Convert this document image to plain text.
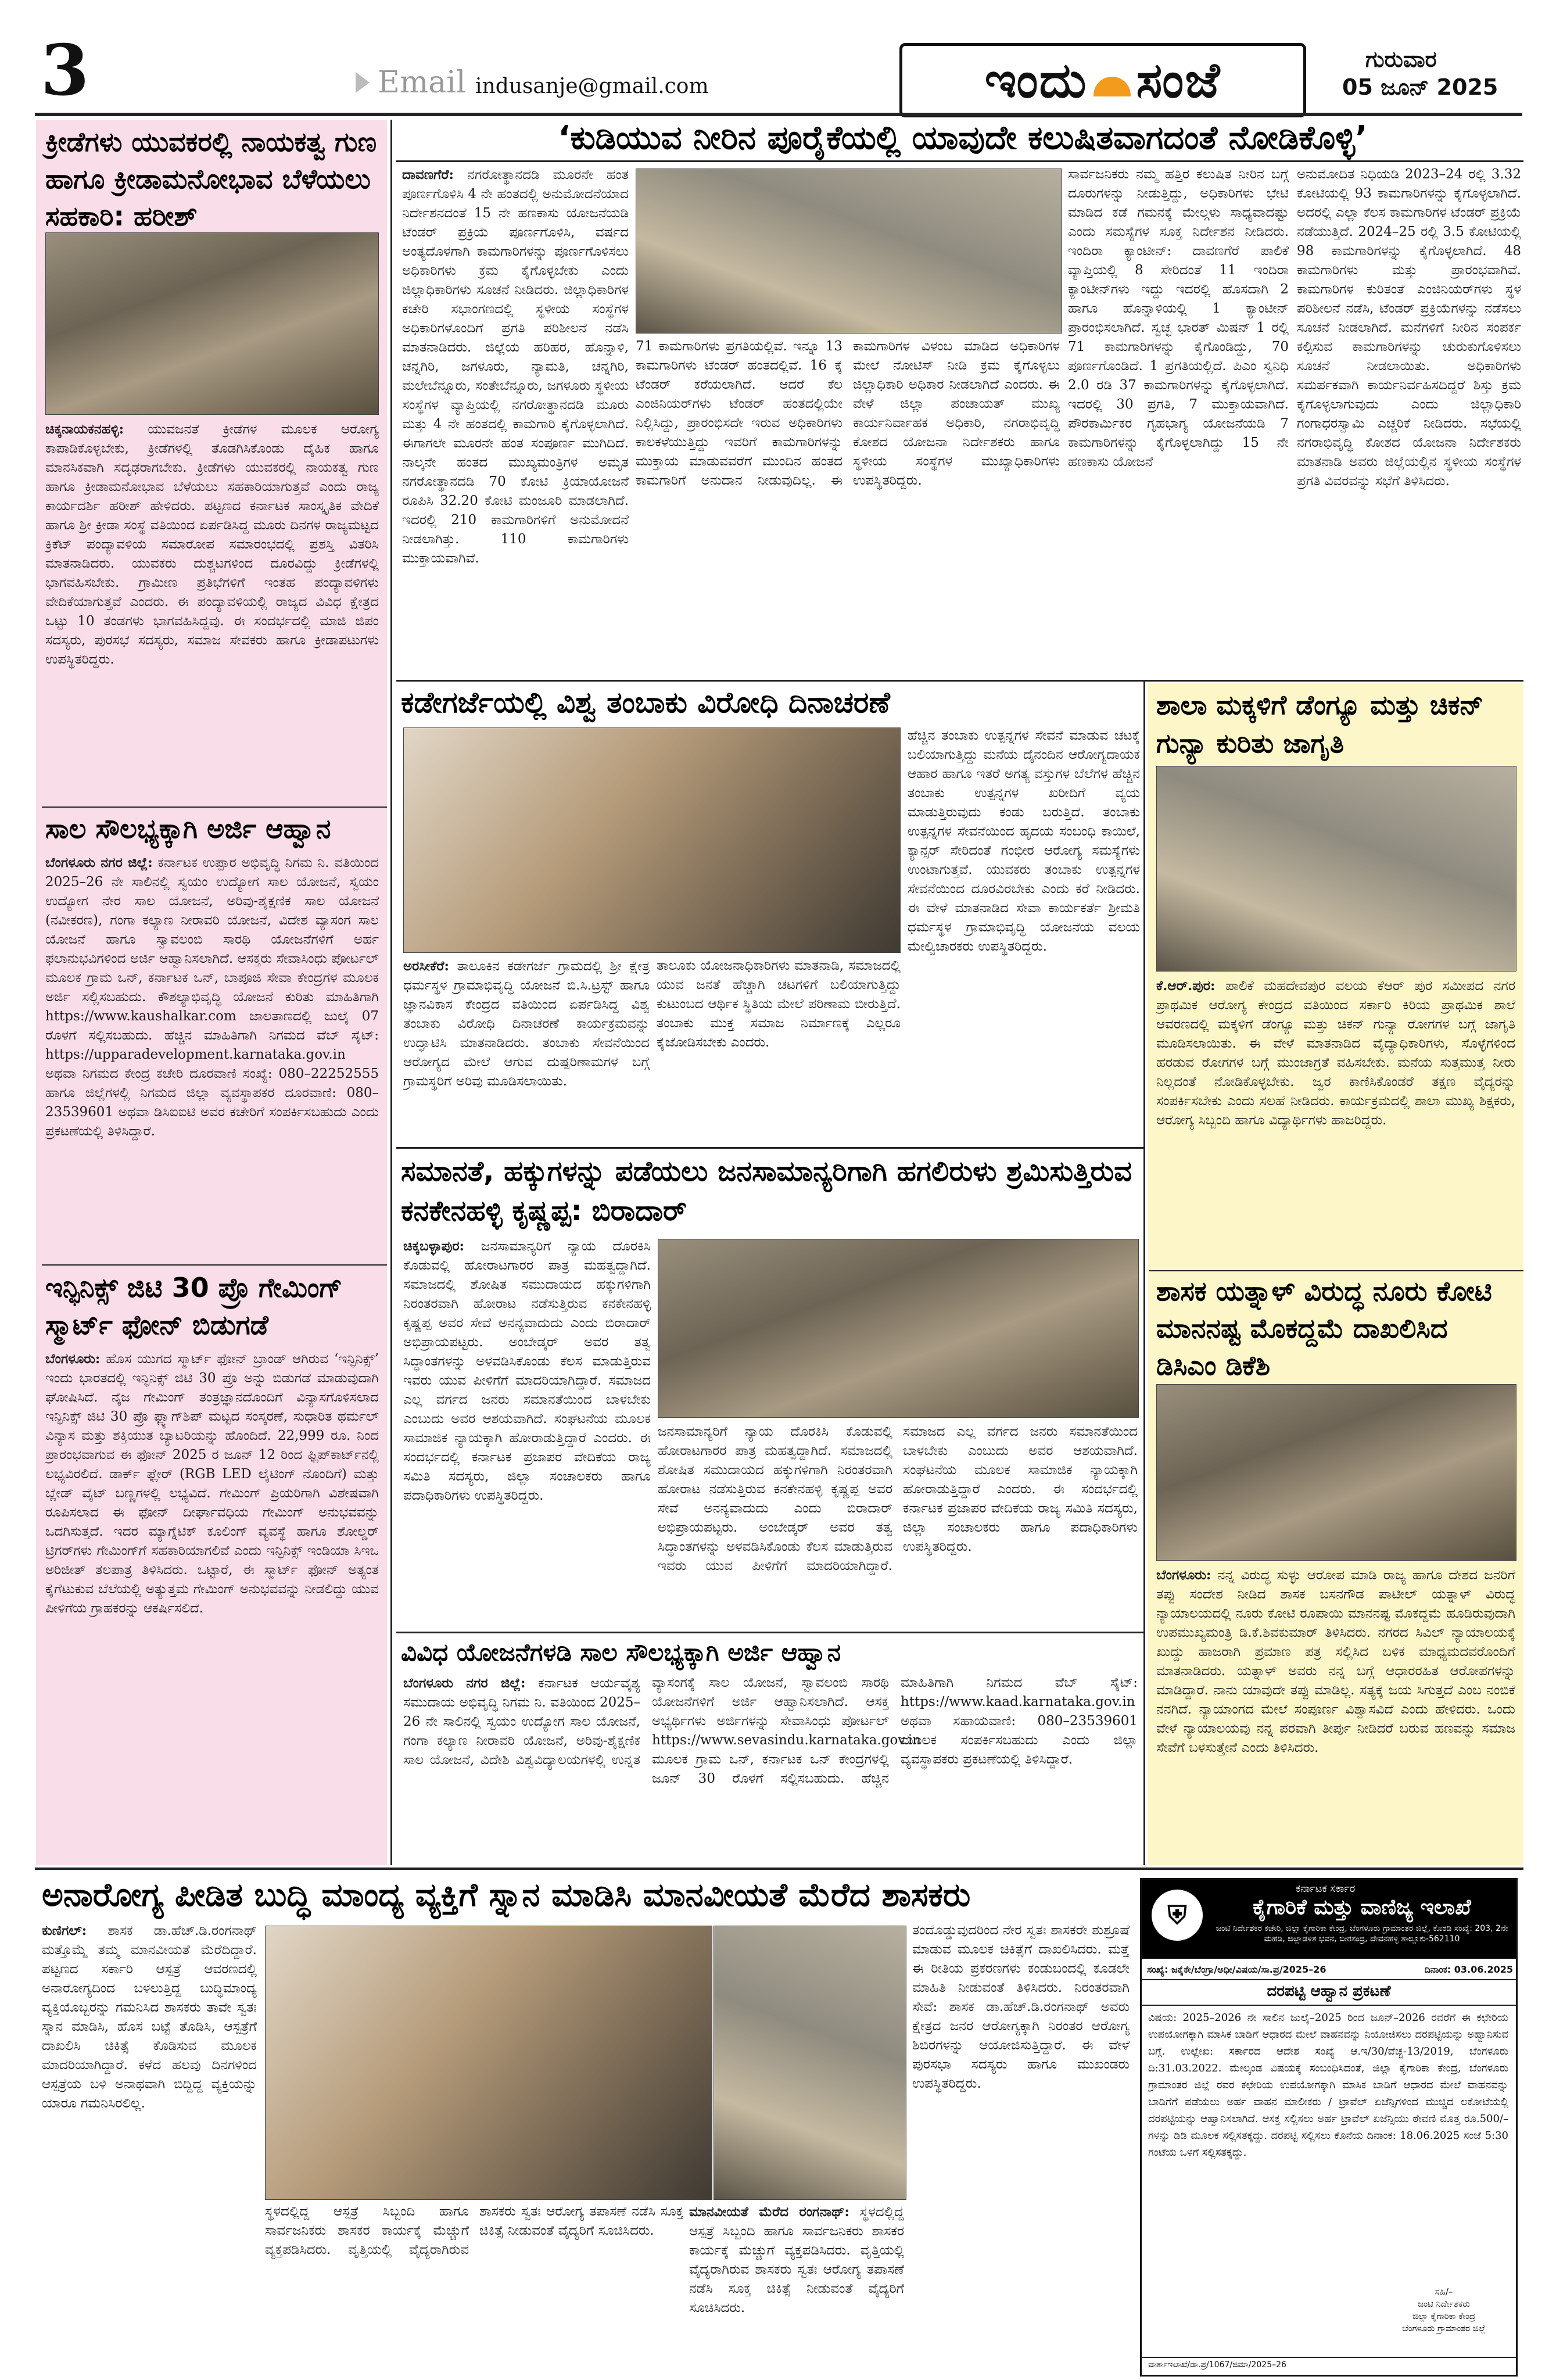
3	Email indusanje@gmail.com	ಇಂದು ಸಂಜೆ	ಗುರುವಾರ
05 ಜೂನ್ 2025
ಕ್ರೀಡೆಗಳು ಯುವಕರಲ್ಲಿ ನಾಯಕತ್ವ ಗುಣ ಹಾಗೂ ಕ್ರೀಡಾಮನೋಭಾವ ಬೆಳೆಯಲು ಸಹಕಾರಿ: ಹರೀಶ್
ಚಿಕ್ಕನಾಯಕನಹಳ್ಳಿ: ಯುವಜನತೆ ಕ್ರೀಡೆಗಳ ಮೂಲಕ ಆರೋಗ್ಯ ಕಾಪಾಡಿಕೊಳ್ಳಬೇಕು, ಕ್ರೀಡೆಗಳಲ್ಲಿ ತೊಡಗಿಸಿಕೊಂಡು ದೈಹಿಕ ಹಾಗೂ ಮಾನಸಿಕವಾಗಿ ಸದೃಢರಾಗಬೇಕು. ಕ್ರೀಡೆಗಳು ಯುವಕರಲ್ಲಿ ನಾಯಕತ್ವ ಗುಣ ಹಾಗೂ ಕ್ರೀಡಾಮನೋಭಾವ ಬೆಳೆಯಲು ಸಹಕಾರಿಯಾಗುತ್ತವೆ ಎಂದು ರಾಜ್ಯ ಕಾರ್ಯದರ್ಶಿ ಹರೀಶ್ ಹೇಳಿದರು. ಪಟ್ಟಣದ ಕರ್ನಾಟಕ ಸಾಂಸ್ಕೃತಿಕ ವೇದಿಕೆ ಹಾಗೂ ಶ್ರೀ ಕ್ರೀಡಾ ಸಂಸ್ಥೆ ವತಿಯಿಂದ ಏರ್ಪಡಿಸಿದ್ದ ಮೂರು ದಿನಗಳ ರಾಜ್ಯಮಟ್ಟದ ಕ್ರಿಕೆಟ್ ಪಂದ್ಯಾವಳಿಯ ಸಮಾರೋಪ ಸಮಾರಂಭದಲ್ಲಿ ಪ್ರಶಸ್ತಿ ವಿತರಿಸಿ ಮಾತನಾಡಿದರು. ಯುವಕರು ದುಶ್ಚಟಗಳಿಂದ ದೂರವಿದ್ದು ಕ್ರೀಡೆಗಳಲ್ಲಿ ಭಾಗವಹಿಸಬೇಕು. ಗ್ರಾಮೀಣ ಪ್ರತಿಭೆಗಳಿಗೆ ಇಂತಹ ಪಂದ್ಯಾವಳಿಗಳು ವೇದಿಕೆಯಾಗುತ್ತವೆ ಎಂದರು. ಈ ಪಂದ್ಯಾವಳಿಯಲ್ಲಿ ರಾಜ್ಯದ ವಿವಿಧ ಕ್ಷೇತ್ರದ ಒಟ್ಟು 10 ತಂಡಗಳು ಭಾಗವಹಿಸಿದ್ದವು. ಈ ಸಂದರ್ಭದಲ್ಲಿ ಮಾಜಿ ಜಿಪಂ ಸದಸ್ಯರು, ಪುರಸಭೆ ಸದಸ್ಯರು, ಸಮಾಜ ಸೇವಕರು ಹಾಗೂ ಕ್ರೀಡಾಪಟುಗಳು ಉಪಸ್ಥಿತರಿದ್ದರು.
ಸಾಲ ಸೌಲಭ್ಯಕ್ಕಾಗಿ ಅರ್ಜಿ ಆಹ್ವಾನ
ಬೆಂಗಳೂರು ನಗರ ಜಿಲ್ಲೆ: ಕರ್ನಾಟಕ ಉಪ್ಪಾರ ಅಭಿವೃದ್ಧಿ ನಿಗಮ ನಿ. ವತಿಯಿಂದ 2025–26 ನೇ ಸಾಲಿನಲ್ಲಿ ಸ್ವಯಂ ಉದ್ಯೋಗ ಸಾಲ ಯೋಜನೆ, ಸ್ವಯಂ ಉದ್ಯೋಗ ನೇರ ಸಾಲ ಯೋಜನೆ, ಅರಿವು-ಶೈಕ್ಷಣಿಕ ಸಾಲ ಯೋಜನೆ (ನವೀಕರಣ), ಗಂಗಾ ಕಲ್ಯಾಣ ನೀರಾವರಿ ಯೋಜನೆ, ವಿದೇಶ ವ್ಯಾಸಂಗ ಸಾಲ ಯೋಜನೆ ಹಾಗೂ ಸ್ವಾವಲಂಬಿ ಸಾರಥಿ ಯೋಜನೆಗಳಿಗೆ ಅರ್ಹ ಫಲಾನುಭವಿಗಳಿಂದ ಅರ್ಜಿ ಆಹ್ವಾನಿಸಲಾಗಿದೆ. ಆಸಕ್ತರು ಸೇವಾಸಿಂಧು ಪೋರ್ಟಲ್ ಮೂಲಕ ಗ್ರಾಮ ಒನ್, ಕರ್ನಾಟಕ ಒನ್, ಬಾಪೂಜಿ ಸೇವಾ ಕೇಂದ್ರಗಳ ಮೂಲಕ ಅರ್ಜಿ ಸಲ್ಲಿಸಬಹುದು. ಕೌಶಲ್ಯಾಭಿವೃದ್ಧಿ ಯೋಜನೆ ಕುರಿತು ಮಾಹಿತಿಗಾಗಿ https://www.kaushalkar.com ಜಾಲತಾಣದಲ್ಲಿ ಜುಲೈ 07 ರೊಳಗೆ ಸಲ್ಲಿಸಬಹುದು. ಹೆಚ್ಚಿನ ಮಾಹಿತಿಗಾಗಿ ನಿಗಮದ ವೆಬ್ ಸೈಟ್: https://upparadevelopment.karnataka.gov.in ಅಥವಾ ನಿಗಮದ ಕೇಂದ್ರ ಕಚೇರಿ ದೂರವಾಣಿ ಸಂಖ್ಯೆ: 080–22252555 ಹಾಗೂ ಜಿಲ್ಲೆಗಳಲ್ಲಿ ನಿಗಮದ ಜಿಲ್ಲಾ ವ್ಯವಸ್ಥಾಪಕರ ದೂರವಾಣಿ: 080–23539601 ಅಥವಾ ಡಿಸಿಐಐಟಿ ಅವರ ಕಚೇರಿಗೆ ಸಂಪರ್ಕಿಸಬಹುದು ಎಂದು ಪ್ರಕಟಣೆಯಲ್ಲಿ ತಿಳಿಸಿದ್ದಾರೆ.
ಇನ್ಫಿನಿಕ್ಸ್ ಜಿಟಿ 30 ಪ್ರೊ ಗೇಮಿಂಗ್ ಸ್ಮಾರ್ಟ್ ಫೋನ್ ಬಿಡುಗಡೆ
ಬೆಂಗಳೂರು: ಹೊಸ ಯುಗದ ಸ್ಮಾರ್ಟ್ ಫೋನ್ ಬ್ರಾಂಡ್ ಆಗಿರುವ ‘ಇನ್ಫಿನಿಕ್ಸ್’ ಇಂದು ಭಾರತದಲ್ಲಿ ಇನ್ಫಿನಿಕ್ಸ್ ಜಿಟಿ 30 ಪ್ರೊ ಅನ್ನು ಬಿಡುಗಡೆ ಮಾಡುವುದಾಗಿ ಘೋಷಿಸಿದೆ. ನೈಜ ಗೇಮಿಂಗ್ ತಂತ್ರಜ್ಞಾನದೊಂದಿಗೆ ವಿನ್ಯಾಸಗೊಳಿಸಲಾದ ಇನ್ಫಿನಿಕ್ಸ್ ಜಿಟಿ 30 ಪ್ರೊ ಫ್ಲ್ಯಾಗ್‌ಶಿಪ್ ಮಟ್ಟದ ಸಂಸ್ಕರಣೆ, ಸುಧಾರಿತ ಥರ್ಮಲ್ ವಿನ್ಯಾಸ ಮತ್ತು ಶಕ್ತಿಯುತ ಬ್ಯಾಟರಿಯನ್ನು ಹೊಂದಿದೆ. 22,999 ರೂ. ನಿಂದ ಪ್ರಾರಂಭವಾಗುವ ಈ ಫೋನ್ 2025 ರ ಜೂನ್ 12 ರಿಂದ ಫ್ಲಿಪ್‌ಕಾರ್ಟ್‌ನಲ್ಲಿ ಲಭ್ಯವಿರಲಿದೆ. ಡಾರ್ಕ್ ಫ್ಲೇರ್ (RGB LED ಲೈಟಿಂಗ್ ನೊಂದಿಗೆ) ಮತ್ತು ಬ್ಲೇಡ್ ವೈಟ್ ಬಣ್ಣಗಳಲ್ಲಿ ಲಭ್ಯವಿದೆ. ಗೇಮಿಂಗ್ ಪ್ರಿಯರಿಗಾಗಿ ವಿಶೇಷವಾಗಿ ರೂಪಿಸಲಾದ ಈ ಫೋನ್ ದೀರ್ಘಾವಧಿಯ ಗೇಮಿಂಗ್ ಅನುಭವವನ್ನು ಒದಗಿಸುತ್ತದೆ. ಇದರ ಮ್ಯಾಗ್ನೆಟಿಕ್ ಕೂಲಿಂಗ್ ವ್ಯವಸ್ಥೆ ಹಾಗೂ ಶೋಲ್ಡರ್ ಟ್ರಿಗರ್‌ಗಳು ಗೇಮಿಂಗ್‌ಗೆ ಸಹಕಾರಿಯಾಗಲಿವೆ ಎಂದು ಇನ್ಫಿನಿಕ್ಸ್ ಇಂಡಿಯಾ ಸಿಇಒ ಅರಿಜೀತ್ ತಲಪಾತ್ರ ತಿಳಿಸಿದರು. ಒಟ್ಟಾರೆ, ಈ ಸ್ಮಾರ್ಟ್ ಫೋನ್ ಅತ್ಯಂತ ಕೈಗೆಟುಕುವ ಬೆಲೆಯಲ್ಲಿ ಅತ್ಯುತ್ತಮ ಗೇಮಿಂಗ್ ಅನುಭವವನ್ನು ನೀಡಲಿದ್ದು ಯುವ ಪೀಳಿಗೆಯ ಗ್ರಾಹಕರನ್ನು ಆಕರ್ಷಿಸಲಿದೆ.
‘ಕುಡಿಯುವ ನೀರಿನ ಪೂರೈಕೆಯಲ್ಲಿ ಯಾವುದೇ ಕಲುಷಿತವಾಗದಂತೆ ನೋಡಿಕೊಳ್ಳಿ’
ದಾವಣಗೆರೆ: ನಗರೋತ್ಥಾನದಡಿ ಮೂರನೇ ಹಂತ ಪೂರ್ಣಗೊಳಿಸಿ 4 ನೇ ಹಂತದಲ್ಲಿ ಅನುಮೋದನೆಯಾದ ನಿರ್ದೇಶನದಂತೆ 15 ನೇ ಹಣಕಾಸು ಯೋಜನೆಯಡಿ ಟೆಂಡರ್ ಪ್ರಕ್ರಿಯೆ ಪೂರ್ಣಗೊಳಿಸಿ, ವರ್ಷದ ಅಂತ್ಯದೊಳಗಾಗಿ ಕಾಮಗಾರಿಗಳನ್ನು ಪೂರ್ಣಗೊಳಿಸಲು ಅಧಿಕಾರಿಗಳು ಕ್ರಮ ಕೈಗೊಳ್ಳಬೇಕು ಎಂದು ಜಿಲ್ಲಾಧಿಕಾರಿಗಳು ಸೂಚನೆ ನೀಡಿದರು. ಜಿಲ್ಲಾಧಿಕಾರಿಗಳ ಕಚೇರಿ ಸಭಾಂಗಣದಲ್ಲಿ ಸ್ಥಳೀಯ ಸಂಸ್ಥೆಗಳ ಅಧಿಕಾರಿಗಳೊಂದಿಗೆ ಪ್ರಗತಿ ಪರಿಶೀಲನೆ ನಡೆಸಿ ಮಾತನಾಡಿದರು. ಜಿಲ್ಲೆಯ ಹರಿಹರ, ಹೊನ್ನಾಳಿ, ಚನ್ನಗಿರಿ, ಜಗಳೂರು, ನ್ಯಾಮತಿ, ಚನ್ನಗಿರಿ, ಮಲೇಬೆನ್ನೂರು, ಸಂತೇಬೆನ್ನೂರು, ಜಗಳೂರು ಸ್ಥಳೀಯ ಸಂಸ್ಥೆಗಳ ವ್ಯಾಪ್ತಿಯಲ್ಲಿ ನಗರೋತ್ಥಾನದಡಿ ಮೂರು ಮತ್ತು 4 ನೇ ಹಂತದಲ್ಲಿ ಕಾಮಗಾರಿ ಕೈಗೊಳ್ಳಲಾಗಿದೆ. ಈಗಾಗಲೇ ಮೂರನೇ ಹಂತ ಸಂಪೂರ್ಣ ಮುಗಿದಿದೆ. ನಾಲ್ಕನೇ ಹಂತದ ಮುಖ್ಯಮಂತ್ರಿಗಳ ಅಮೃತ ನಗರೋತ್ಥಾನದಡಿ 70 ಕೋಟಿ ಕ್ರಿಯಾಯೋಜನೆ ರೂಪಿಸಿ 32.20 ಕೋಟಿ ಮಂಜೂರಿ ಮಾಡಲಾಗಿದೆ. ಇದರಲ್ಲಿ 210 ಕಾಮಗಾರಿಗಳಿಗೆ ಅನುಮೋದನೆ ನೀಡಲಾಗಿತ್ತು. 110 ಕಾಮಗಾರಿಗಳು ಮುಕ್ತಾಯವಾಗಿವೆ.
71 ಕಾಮಗಾರಿಗಳು ಪ್ರಗತಿಯಲ್ಲಿವೆ. ಇನ್ನೂ 13 ಕಾಮಗಾರಿಗಳು ಟೆಂಡರ್ ಹಂತದಲ್ಲಿವೆ. 16 ಕ್ಕೆ ಟೆಂಡರ್ ಕರೆಯಲಾಗಿದೆ. ಆದರೆ ಕೆಲ ಎಂಜಿನಿಯರ್‌ಗಳು ಟೆಂಡರ್ ಹಂತದಲ್ಲಿಯೇ ನಿಲ್ಲಿಸಿದ್ದು, ಪ್ರಾರಂಭಿಸದೇ ಇರುವ ಅಧಿಕಾರಿಗಳು ಕಾಲಕಳೆಯುತ್ತಿದ್ದು ಇವರಿಗೆ ಕಾಮಗಾರಿಗಳನ್ನು ಮುಕ್ತಾಯ ಮಾಡುವವರೆಗೆ ಮುಂದಿನ ಹಂತದ ಕಾಮಗಾರಿಗೆ ಅನುದಾನ ನೀಡುವುದಿಲ್ಲ. ಈ ಕಾಮಗಾರಿಗಳ ವಿಳಂಬ ಮಾಡಿದ ಅಧಿಕಾರಿಗಳ ಮೇಲೆ ನೋಟಿಸ್ ನೀಡಿ ಕ್ರಮ ಕೈಗೊಳ್ಳಲು ಜಿಲ್ಲಾಧಿಕಾರಿ ಅಧಿಕಾರ ನೀಡಲಾಗಿದೆ ಎಂದರು. ಈ ವೇಳೆ ಜಿಲ್ಲಾ ಪಂಚಾಯತ್ ಮುಖ್ಯ ಕಾರ್ಯನಿರ್ವಾಹಕ ಅಧಿಕಾರಿ, ನಗರಾಭಿವೃದ್ಧಿ ಕೋಶದ ಯೋಜನಾ ನಿರ್ದೇಶಕರು ಹಾಗೂ ಸ್ಥಳೀಯ ಸಂಸ್ಥೆಗಳ ಮುಖ್ಯಾಧಿಕಾರಿಗಳು ಉಪಸ್ಥಿತರಿದ್ದರು.
ಸಾರ್ವಜನಿಕರು ನಮ್ಮ ಹತ್ತಿರ ಕಲುಷಿತ ನೀರಿನ ಬಗ್ಗೆ ದೂರುಗಳನ್ನು ನೀಡುತ್ತಿದ್ದು, ಅಧಿಕಾರಿಗಳು ಭೇಟಿ ಮಾಡಿದ ಕಡೆ ಗಮನಕ್ಕೆ ಮೇಲ್ಗಳು ಸಾಧ್ಯವಾದಷ್ಟು ಎಂದು ಸಮಸ್ಯೆಗಳ ಸೂಕ್ತ ನಿರ್ದೇಶನ ನೀಡಿದರು. ಇಂದಿರಾ ಕ್ಯಾಂಟೀನ್: ದಾವಣಗೆರೆ ಪಾಲಿಕೆ ವ್ಯಾಪ್ತಿಯಲ್ಲಿ 8 ಸೇರಿದಂತೆ 11 ಇಂದಿರಾ ಕ್ಯಾಂಟೀನ್‌ಗಳು ಇದ್ದು ಇದರಲ್ಲಿ ಹೊಸದಾಗಿ 2 ಹಾಗೂ ಹೊನ್ನಾಳಿಯಲ್ಲಿ 1 ಕ್ಯಾಂಟೀನ್ ಪ್ರಾರಂಭಿಸಲಾಗಿದೆ. ಸ್ವಚ್ಛ ಭಾರತ್ ಮಿಷನ್ 1 ರಲ್ಲಿ 71 ಕಾಮಗಾರಿಗಳನ್ನು ಕೈಗೊಂಡಿದ್ದು, 70 ಪೂರ್ಣಗೊಂಡಿದೆ. 1 ಪ್ರಗತಿಯಲ್ಲಿದೆ. ಪಿಎಂ ಸ್ವನಿಧಿ 2.0 ರಡಿ 37 ಕಾಮಗಾರಿಗಳನ್ನು ಕೈಗೊಳ್ಳಲಾಗಿದೆ. ಇದರಲ್ಲಿ 30 ಪ್ರಗತಿ, 7 ಮುಕ್ತಾಯವಾಗಿದೆ. ಪೌರಕಾರ್ಮಿಕರ ಗೃಹಭಾಗ್ಯ ಯೋಜನೆಯಡಿ 7 ಕಾಮಗಾರಿಗಳನ್ನು ಕೈಗೊಳ್ಳಲಾಗಿದ್ದು 15 ನೇ ಹಣಕಾಸು ಯೋಜನೆ
ಅನುಮೋದಿತ ನಿಧಿಯಡಿ 2023–24 ರಲ್ಲಿ 3.32 ಕೋಟಿಯಲ್ಲಿ 93 ಕಾಮಗಾರಿಗಳನ್ನು ಕೈಗೊಳ್ಳಲಾಗಿದೆ. ಅದರಲ್ಲಿ ಎಲ್ಲಾ ಕೆಲಸ ಕಾಮಗಾರಿಗಳ ಟೆಂಡರ್ ಪ್ರಕ್ರಿಯೆ ನಡೆಯುತ್ತಿದೆ. 2024–25 ರಲ್ಲಿ 3.5 ಕೋಟಿಯಲ್ಲಿ 98 ಕಾಮಗಾರಿಗಳನ್ನು ಕೈಗೊಳ್ಳಲಾಗಿದೆ. 48 ಕಾಮಗಾರಿಗಳು ಮತ್ತು ಪ್ರಾರಂಭವಾಗಿವೆ. ಕಾಮಗಾರಿಗಳ ಕುರಿತಂತೆ ಎಂಜಿನಿಯರ್‌ಗಳು ಸ್ಥಳ ಪರಿಶೀಲನೆ ನಡೆಸಿ, ಟೆಂಡರ್ ಪ್ರಕ್ರಿಯೆಗಳನ್ನು ನಡೆಸಲು ಸೂಚನೆ ನೀಡಲಾಗಿದೆ. ಮನೆಗಳಿಗೆ ನೀರಿನ ಸಂಪರ್ಕ ಕಲ್ಪಿಸುವ ಕಾಮಗಾರಿಗಳನ್ನು ಚುರುಕುಗೊಳಿಸಲು ಸೂಚನೆ ನೀಡಲಾಯಿತು. ಅಧಿಕಾರಿಗಳು ಸಮರ್ಪಕವಾಗಿ ಕಾರ್ಯನಿರ್ವಹಿಸದಿದ್ದರೆ ಶಿಸ್ತು ಕ್ರಮ ಕೈಗೊಳ್ಳಲಾಗುವುದು ಎಂದು ಜಿಲ್ಲಾಧಿಕಾರಿ ಗಂಗಾಧರಸ್ವಾಮಿ ಎಚ್ಚರಿಕೆ ನೀಡಿದರು. ಸಭೆಯಲ್ಲಿ ನಗರಾಭಿವೃದ್ಧಿ ಕೋಶದ ಯೋಜನಾ ನಿರ್ದೇಶಕರು ಮಾತನಾಡಿ ಅವರು ಜಿಲ್ಲೆಯಲ್ಲಿನ ಸ್ಥಳೀಯ ಸಂಸ್ಥೆಗಳ ಪ್ರಗತಿ ವಿವರವನ್ನು ಸಭೆಗೆ ತಿಳಿಸಿದರು.
ಕಡೇಗರ್ಜೆಯಲ್ಲಿ ವಿಶ್ವ ತಂಬಾಕು ವಿರೋಧಿ ದಿನಾಚರಣೆ
ಹೆಚ್ಚಿನ ತಂಬಾಕು ಉತ್ಪನ್ನಗಳ ಸೇವನೆ ಮಾಡುವ ಚಟಕ್ಕೆ ಬಲಿಯಾಗುತ್ತಿದ್ದು ಮನೆಯ ದೈನಂದಿನ ಆರೋಗ್ಯದಾಯಕ ಆಹಾರ ಹಾಗೂ ಇತರೆ ಅಗತ್ಯ ವಸ್ತುಗಳ ಬೆಲೆಗಳ ಹೆಚ್ಚಿನ ತಂಬಾಕು ಉತ್ಪನ್ನಗಳ ಖರೀದಿಗೆ ವ್ಯಯ ಮಾಡುತ್ತಿರುವುದು ಕಂಡು ಬರುತ್ತಿದೆ. ತಂಬಾಕು ಉತ್ಪನ್ನಗಳ ಸೇವನೆಯಿಂದ ಹೃದಯ ಸಂಬಂಧಿ ಕಾಯಿಲೆ, ಕ್ಯಾನ್ಸರ್ ಸೇರಿದಂತೆ ಗಂಭೀರ ಆರೋಗ್ಯ ಸಮಸ್ಯೆಗಳು ಉಂಟಾಗುತ್ತವೆ. ಯುವಕರು ತಂಬಾಕು ಉತ್ಪನ್ನಗಳ ಸೇವನೆಯಿಂದ ದೂರವಿರಬೇಕು ಎಂದು ಕರೆ ನೀಡಿದರು. ಈ ವೇಳೆ ಮಾತನಾಡಿದ ಸೇವಾ ಕಾರ್ಯಕರ್ತೆ ಶ್ರೀಮತಿ ಧರ್ಮಸ್ಥಳ ಗ್ರಾಮಾಭಿವೃದ್ಧಿ ಯೋಜನೆಯ ವಲಯ ಮೇಲ್ವಿಚಾರಕರು ಉಪಸ್ಥಿತರಿದ್ದರು.
ಅರಸೀಕೆರೆ: ತಾಲೂಕಿನ ಕಡೇಗರ್ಜೆ ಗ್ರಾಮದಲ್ಲಿ ಶ್ರೀ ಕ್ಷೇತ್ರ ಧರ್ಮಸ್ಥಳ ಗ್ರಾಮಾಭಿವೃದ್ಧಿ ಯೋಜನೆ ಬಿ.ಸಿ.ಟ್ರಸ್ಟ್ ಹಾಗೂ ಜ್ಞಾನವಿಕಾಸ ಕೇಂದ್ರದ ವತಿಯಿಂದ ಏರ್ಪಡಿಸಿದ್ದ ವಿಶ್ವ ತಂಬಾಕು ವಿರೋಧಿ ದಿನಾಚರಣೆ ಕಾರ್ಯಕ್ರಮವನ್ನು ಉದ್ಘಾಟಿಸಿ ಮಾತನಾಡಿದರು. ತಂಬಾಕು ಸೇವನೆಯಿಂದ ಆರೋಗ್ಯದ ಮೇಲೆ ಆಗುವ ದುಷ್ಪರಿಣಾಮಗಳ ಬಗ್ಗೆ ಗ್ರಾಮಸ್ಥರಿಗೆ ಅರಿವು ಮೂಡಿಸಲಾಯಿತು.
ತಾಲೂಕು ಯೋಜನಾಧಿಕಾರಿಗಳು ಮಾತನಾಡಿ, ಸಮಾಜದಲ್ಲಿ ಯುವ ಜನತೆ ಹೆಚ್ಚಾಗಿ ಚಟಗಳಿಗೆ ಬಲಿಯಾಗುತ್ತಿದ್ದು ಕುಟುಂಬದ ಆರ್ಥಿಕ ಸ್ಥಿತಿಯ ಮೇಲೆ ಪರಿಣಾಮ ಬೀರುತ್ತಿದೆ. ತಂಬಾಕು ಮುಕ್ತ ಸಮಾಜ ನಿರ್ಮಾಣಕ್ಕೆ ಎಲ್ಲರೂ ಕೈಜೋಡಿಸಬೇಕು ಎಂದರು.
ಸಮಾನತೆ, ಹಕ್ಕುಗಳನ್ನು ಪಡೆಯಲು ಜನಸಾಮಾನ್ಯರಿಗಾಗಿ ಹಗಲಿರುಳು ಶ್ರಮಿಸುತ್ತಿರುವ ಕನಕೇನಹಳ್ಳಿ ಕೃಷ್ಣಪ್ಪ: ಬಿರಾದಾರ್
ಚಿಕ್ಕಬಳ್ಳಾಪುರ: ಜನಸಾಮಾನ್ಯರಿಗೆ ನ್ಯಾಯ ದೊರಕಿಸಿ ಕೊಡುವಲ್ಲಿ ಹೋರಾಟಗಾರರ ಪಾತ್ರ ಮಹತ್ವದ್ದಾಗಿದೆ. ಸಮಾಜದಲ್ಲಿ ಶೋಷಿತ ಸಮುದಾಯದ ಹಕ್ಕುಗಳಿಗಾಗಿ ನಿರಂತರವಾಗಿ ಹೋರಾಟ ನಡೆಸುತ್ತಿರುವ ಕನಕೇನಹಳ್ಳಿ ಕೃಷ್ಣಪ್ಪ ಅವರ ಸೇವೆ ಅನನ್ಯವಾದುದು ಎಂದು ಬಿರಾದಾರ್ ಅಭಿಪ್ರಾಯಪಟ್ಟರು. ಅಂಬೇಡ್ಕರ್ ಅವರ ತತ್ವ ಸಿದ್ಧಾಂತಗಳನ್ನು ಅಳವಡಿಸಿಕೊಂಡು ಕೆಲಸ ಮಾಡುತ್ತಿರುವ ಇವರು ಯುವ ಪೀಳಿಗೆಗೆ ಮಾದರಿಯಾಗಿದ್ದಾರೆ. ಸಮಾಜದ ಎಲ್ಲ ವರ್ಗದ ಜನರು ಸಮಾನತೆಯಿಂದ ಬಾಳಬೇಕು ಎಂಬುದು ಅವರ ಆಶಯವಾಗಿದೆ. ಸಂಘಟನೆಯ ಮೂಲಕ ಸಾಮಾಜಿಕ ನ್ಯಾಯಕ್ಕಾಗಿ ಹೋರಾಡುತ್ತಿದ್ದಾರೆ ಎಂದರು. ಈ ಸಂದರ್ಭದಲ್ಲಿ ಕರ್ನಾಟಕ ಪ್ರಜಾಪರ ವೇದಿಕೆಯ ರಾಜ್ಯ ಸಮಿತಿ ಸದಸ್ಯರು, ಜಿಲ್ಲಾ ಸಂಚಾಲಕರು ಹಾಗೂ ಪದಾಧಿಕಾರಿಗಳು ಉಪಸ್ಥಿತರಿದ್ದರು.
ಜನಸಾಮಾನ್ಯರಿಗೆ ನ್ಯಾಯ ದೊರಕಿಸಿ ಕೊಡುವಲ್ಲಿ ಹೋರಾಟಗಾರರ ಪಾತ್ರ ಮಹತ್ವದ್ದಾಗಿದೆ. ಸಮಾಜದಲ್ಲಿ ಶೋಷಿತ ಸಮುದಾಯದ ಹಕ್ಕುಗಳಿಗಾಗಿ ನಿರಂತರವಾಗಿ ಹೋರಾಟ ನಡೆಸುತ್ತಿರುವ ಕನಕೇನಹಳ್ಳಿ ಕೃಷ್ಣಪ್ಪ ಅವರ ಸೇವೆ ಅನನ್ಯವಾದುದು ಎಂದು ಬಿರಾದಾರ್ ಅಭಿಪ್ರಾಯಪಟ್ಟರು. ಅಂಬೇಡ್ಕರ್ ಅವರ ತತ್ವ ಸಿದ್ಧಾಂತಗಳನ್ನು ಅಳವಡಿಸಿಕೊಂಡು ಕೆಲಸ ಮಾಡುತ್ತಿರುವ ಇವರು ಯುವ ಪೀಳಿಗೆಗೆ ಮಾದರಿಯಾಗಿದ್ದಾರೆ. ಸಮಾಜದ ಎಲ್ಲ ವರ್ಗದ ಜನರು ಸಮಾನತೆಯಿಂದ ಬಾಳಬೇಕು ಎಂಬುದು ಅವರ ಆಶಯವಾಗಿದೆ. ಸಂಘಟನೆಯ ಮೂಲಕ ಸಾಮಾಜಿಕ ನ್ಯಾಯಕ್ಕಾಗಿ ಹೋರಾಡುತ್ತಿದ್ದಾರೆ ಎಂದರು. ಈ ಸಂದರ್ಭದಲ್ಲಿ ಕರ್ನಾಟಕ ಪ್ರಜಾಪರ ವೇದಿಕೆಯ ರಾಜ್ಯ ಸಮಿತಿ ಸದಸ್ಯರು, ಜಿಲ್ಲಾ ಸಂಚಾಲಕರು ಹಾಗೂ ಪದಾಧಿಕಾರಿಗಳು ಉಪಸ್ಥಿತರಿದ್ದರು.
ವಿವಿಧ ಯೋಜನೆಗಳಡಿ ಸಾಲ ಸೌಲಭ್ಯಕ್ಕಾಗಿ ಅರ್ಜಿ ಆಹ್ವಾನ
ಬೆಂಗಳೂರು ನಗರ ಜಿಲ್ಲೆ: ಕರ್ನಾಟಕ ಆರ್ಯವೈಶ್ಯ ಸಮುದಾಯ ಅಭಿವೃದ್ಧಿ ನಿಗಮ ನಿ. ವತಿಯಿಂದ 2025–26 ನೇ ಸಾಲಿನಲ್ಲಿ ಸ್ವಯಂ ಉದ್ಯೋಗ ಸಾಲ ಯೋಜನೆ, ಗಂಗಾ ಕಲ್ಯಾಣ ನೀರಾವರಿ ಯೋಜನೆ, ಅರಿವು-ಶೈಕ್ಷಣಿಕ ಸಾಲ ಯೋಜನೆ, ವಿದೇಶಿ ವಿಶ್ವವಿದ್ಯಾಲಯಗಳಲ್ಲಿ ಉನ್ನತ ವ್ಯಾಸಂಗಕ್ಕೆ ಸಾಲ ಯೋಜನೆ, ಸ್ವಾವಲಂಬಿ ಸಾರಥಿ ಯೋಜನೆಗಳಿಗೆ ಅರ್ಜಿ ಆಹ್ವಾನಿಸಲಾಗಿದೆ. ಆಸಕ್ತ ಅಭ್ಯರ್ಥಿಗಳು ಅರ್ಜಿಗಳನ್ನು ಸೇವಾಸಿಂಧು ಪೋರ್ಟಲ್ https://www.sevasindu.karnataka.gov.in ಮೂಲಕ ಗ್ರಾಮ ಒನ್, ಕರ್ನಾಟಕ ಒನ್ ಕೇಂದ್ರಗಳಲ್ಲಿ ಜೂನ್ 30 ರೊಳಗೆ ಸಲ್ಲಿಸಬಹುದು. ಹೆಚ್ಚಿನ ಮಾಹಿತಿಗಾಗಿ ನಿಗಮದ ವೆಬ್ ಸೈಟ್: https://www.kaad.karnataka.gov.in ಅಥವಾ ಸಹಾಯವಾಣಿ: 080–23539601 ಮೂಲಕ ಸಂಪರ್ಕಿಸಬಹುದು ಎಂದು ಜಿಲ್ಲಾ ವ್ಯವಸ್ಥಾಪಕರು ಪ್ರಕಟಣೆಯಲ್ಲಿ ತಿಳಿಸಿದ್ದಾರೆ.
ಶಾಲಾ ಮಕ್ಕಳಿಗೆ ಡೆಂಗ್ಯೂ ಮತ್ತು ಚಿಕನ್ ಗುನ್ಯಾ ಕುರಿತು ಜಾಗೃತಿ
ಕೆ.ಆರ್.ಪುರ: ಪಾಲಿಕೆ ಮಹದೇವಪುರ ವಲಯ ಕೆಆರ್ ಪುರ ಸಮೀಪದ ನಗರ ಪ್ರಾಥಮಿಕ ಆರೋಗ್ಯ ಕೇಂದ್ರದ ವತಿಯಿಂದ ಸರ್ಕಾರಿ ಕಿರಿಯ ಪ್ರಾಥಮಿಕ ಶಾಲೆ ಆವರಣದಲ್ಲಿ ಮಕ್ಕಳಿಗೆ ಡೆಂಗ್ಯೂ ಮತ್ತು ಚಿಕನ್ ಗುನ್ಯಾ ರೋಗಗಳ ಬಗ್ಗೆ ಜಾಗೃತಿ ಮೂಡಿಸಲಾಯಿತು. ಈ ವೇಳೆ ಮಾತನಾಡಿದ ವೈದ್ಯಾಧಿಕಾರಿಗಳು, ಸೊಳ್ಳೆಗಳಿಂದ ಹರಡುವ ರೋಗಗಳ ಬಗ್ಗೆ ಮುಂಜಾಗ್ರತೆ ವಹಿಸಬೇಕು. ಮನೆಯ ಸುತ್ತಮುತ್ತ ನೀರು ನಿಲ್ಲದಂತೆ ನೋಡಿಕೊಳ್ಳಬೇಕು. ಜ್ವರ ಕಾಣಿಸಿಕೊಂಡರೆ ತಕ್ಷಣ ವೈದ್ಯರನ್ನು ಸಂಪರ್ಕಿಸಬೇಕು ಎಂದು ಸಲಹೆ ನೀಡಿದರು. ಕಾರ್ಯಕ್ರಮದಲ್ಲಿ ಶಾಲಾ ಮುಖ್ಯ ಶಿಕ್ಷಕರು, ಆರೋಗ್ಯ ಸಿಬ್ಬಂದಿ ಹಾಗೂ ವಿದ್ಯಾರ್ಥಿಗಳು ಹಾಜರಿದ್ದರು.
ಶಾಸಕ ಯತ್ನಾಳ್ ವಿರುದ್ಧ ನೂರು ಕೋಟಿ ಮಾನನಷ್ಟ ಮೊಕದ್ದಮೆ ದಾಖಲಿಸಿದ ಡಿಸಿಎಂ ಡಿಕೆಶಿ
ಬೆಂಗಳೂರು: ನನ್ನ ವಿರುದ್ಧ ಸುಳ್ಳು ಆರೋಪ ಮಾಡಿ ರಾಜ್ಯ ಹಾಗೂ ದೇಶದ ಜನರಿಗೆ ತಪ್ಪು ಸಂದೇಶ ನೀಡಿದ ಶಾಸಕ ಬಸನಗೌಡ ಪಾಟೀಲ್ ಯತ್ನಾಳ್ ವಿರುದ್ಧ ನ್ಯಾಯಾಲಯದಲ್ಲಿ ನೂರು ಕೋಟಿ ರೂಪಾಯಿ ಮಾನನಷ್ಟ ಮೊಕದ್ದಮೆ ಹೂಡಿರುವುದಾಗಿ ಉಪಮುಖ್ಯಮಂತ್ರಿ ಡಿ.ಕೆ.ಶಿವಕುಮಾರ್ ತಿಳಿಸಿದರು. ನಗರದ ಸಿವಿಲ್ ನ್ಯಾಯಾಲಯಕ್ಕೆ ಖುದ್ದು ಹಾಜರಾಗಿ ಪ್ರಮಾಣ ಪತ್ರ ಸಲ್ಲಿಸಿದ ಬಳಿಕ ಮಾಧ್ಯಮದವರೊಂದಿಗೆ ಮಾತನಾಡಿದರು. ಯತ್ನಾಳ್ ಅವರು ನನ್ನ ಬಗ್ಗೆ ಆಧಾರರಹಿತ ಆರೋಪಗಳನ್ನು ಮಾಡಿದ್ದಾರೆ. ನಾನು ಯಾವುದೇ ತಪ್ಪು ಮಾಡಿಲ್ಲ. ಸತ್ಯಕ್ಕೆ ಜಯ ಸಿಗುತ್ತದೆ ಎಂಬ ನಂಬಿಕೆ ನನಗಿದೆ. ನ್ಯಾಯಾಂಗದ ಮೇಲೆ ಸಂಪೂರ್ಣ ವಿಶ್ವಾಸವಿದೆ ಎಂದು ಹೇಳಿದರು. ಒಂದು ವೇಳೆ ನ್ಯಾಯಾಲಯವು ನನ್ನ ಪರವಾಗಿ ತೀರ್ಪು ನೀಡಿದರೆ ಬರುವ ಹಣವನ್ನು ಸಮಾಜ ಸೇವೆಗೆ ಬಳಸುತ್ತೇನೆ ಎಂದು ತಿಳಿಸಿದರು.
ಅನಾರೋಗ್ಯ ಪೀಡಿತ ಬುದ್ಧಿ ಮಾಂದ್ಯ ವ್ಯಕ್ತಿಗೆ ಸ್ನಾನ ಮಾಡಿಸಿ ಮಾನವೀಯತೆ ಮೆರೆದ ಶಾಸಕರು
ಕುಣಿಗಲ್: ಶಾಸಕ ಡಾ.ಹೆಚ್.ಡಿ.ರಂಗನಾಥ್ ಮತ್ತೊಮ್ಮೆ ತಮ್ಮ ಮಾನವೀಯತೆ ಮೆರೆದಿದ್ದಾರೆ. ಪಟ್ಟಣದ ಸರ್ಕಾರಿ ಆಸ್ಪತ್ರೆ ಆವರಣದಲ್ಲಿ ಅನಾರೋಗ್ಯದಿಂದ ಬಳಲುತ್ತಿದ್ದ ಬುದ್ಧಿಮಾಂದ್ಯ ವ್ಯಕ್ತಿಯೊಬ್ಬರನ್ನು ಗಮನಿಸಿದ ಶಾಸಕರು ತಾವೇ ಸ್ವತಃ ಸ್ನಾನ ಮಾಡಿಸಿ, ಹೊಸ ಬಟ್ಟೆ ತೊಡಿಸಿ, ಆಸ್ಪತ್ರೆಗೆ ದಾಖಲಿಸಿ ಚಿಕಿತ್ಸೆ ಕೊಡಿಸುವ ಮೂಲಕ ಮಾದರಿಯಾಗಿದ್ದಾರೆ. ಕಳೆದ ಹಲವು ದಿನಗಳಿಂದ ಆಸ್ಪತ್ರೆಯ ಬಳಿ ಅನಾಥವಾಗಿ ಬಿದ್ದಿದ್ದ ವ್ಯಕ್ತಿಯನ್ನು ಯಾರೂ ಗಮನಿಸಿರಲಿಲ್ಲ.
ಸ್ಥಳದಲ್ಲಿದ್ದ ಆಸ್ಪತ್ರೆ ಸಿಬ್ಬಂದಿ ಹಾಗೂ ಸಾರ್ವಜನಿಕರು ಶಾಸಕರ ಕಾರ್ಯಕ್ಕೆ ಮೆಚ್ಚುಗೆ ವ್ಯಕ್ತಪಡಿಸಿದರು. ವೃತ್ತಿಯಲ್ಲಿ ವೈದ್ಯರಾಗಿರುವ ಶಾಸಕರು ಸ್ವತಃ ಆರೋಗ್ಯ ತಪಾಸಣೆ ನಡೆಸಿ ಸೂಕ್ತ ಚಿಕಿತ್ಸೆ ನೀಡುವಂತೆ ವೈದ್ಯರಿಗೆ ಸೂಚಿಸಿದರು.
ಮಾನವೀಯತೆ ಮೆರೆದ ರಂಗನಾಥ್: ಸ್ಥಳದಲ್ಲಿದ್ದ ಆಸ್ಪತ್ರೆ ಸಿಬ್ಬಂದಿ ಹಾಗೂ ಸಾರ್ವಜನಿಕರು ಶಾಸಕರ ಕಾರ್ಯಕ್ಕೆ ಮೆಚ್ಚುಗೆ ವ್ಯಕ್ತಪಡಿಸಿದರು. ವೃತ್ತಿಯಲ್ಲಿ ವೈದ್ಯರಾಗಿರುವ ಶಾಸಕರು ಸ್ವತಃ ಆರೋಗ್ಯ ತಪಾಸಣೆ ನಡೆಸಿ ಸೂಕ್ತ ಚಿಕಿತ್ಸೆ ನೀಡುವಂತೆ ವೈದ್ಯರಿಗೆ ಸೂಚಿಸಿದರು.
ತಂದೊಡ್ಡುವುದರಿಂದ ನೇರ ಸ್ವತಃ ಶಾಸಕರೇ ಶುಶ್ರೂಷೆ ಮಾಡುವ ಮೂಲಕ ಚಿಕಿತ್ಸೆಗೆ ದಾಖಲಿಸಿದರು. ಮತ್ತೆ ಈ ರೀತಿಯ ಪ್ರಕರಣಗಳು ಕಂಡುಬಂದಲ್ಲಿ ಕೂಡಲೇ ಮಾಹಿತಿ ನೀಡುವಂತೆ ತಿಳಿಸಿದರು. ನಿರಂತರವಾಗಿ ಸೇವೆ: ಶಾಸಕ ಡಾ.ಹೆಚ್.ಡಿ.ರಂಗನಾಥ್ ಅವರು ಕ್ಷೇತ್ರದ ಜನರ ಆರೋಗ್ಯಕ್ಕಾಗಿ ನಿರಂತರ ಆರೋಗ್ಯ ಶಿಬಿರಗಳನ್ನು ಆಯೋಜಿಸುತ್ತಿದ್ದಾರೆ. ಈ ವೇಳೆ ಪುರಸಭಾ ಸದಸ್ಯರು ಹಾಗೂ ಮುಖಂಡರು ಉಪಸ್ಥಿತರಿದ್ದರು.
⛨
ಕರ್ನಾಟಕ ಸರ್ಕಾರ
ಕೈಗಾರಿಕೆ ಮತ್ತು ವಾಣಿಜ್ಯ ಇಲಾಖೆ
ಜಂಟಿ ನಿರ್ದೇಶಕರ ಕಚೇರಿ, ಜಿಲ್ಲಾ ಕೈಗಾರಿಕಾ ಕೇಂದ್ರ, ಬೆಂಗಳೂರು ಗ್ರಾಮಾಂತರ ಜಿಲ್ಲೆ, ಕೊಠಡಿ ಸಂಖ್ಯೆ: 203, 2ನೇ ಮಹಡಿ, ಜಿಲ್ಲಾಡಳಿತ ಭವನ, ಬೀರಸಂದ್ರ, ದೇವನಹಳ್ಳಿ ತಾಲ್ಲೂಕು-562110
ಸಂಖ್ಯೆ: ಜಕೈಕೇ/ಬೆಂಗ್ರಾ/ಅಧೀ/ವಿಷಯ/ಸಾ.ಪ್ರ/2025–26	ದಿನಾಂಕ: 03.06.2025
ದರಪಟ್ಟಿ ಆಹ್ವಾನ ಪ್ರಕಟಣೆ
ವಿಷಯ: 2025–2026 ನೇ ಸಾಲಿನ ಜುಲೈ–2025 ರಿಂದ ಜೂನ್–2026 ರವರೆಗೆ ಈ ಕಛೇರಿಯ ಉಪಯೋಗಕ್ಕಾಗಿ ಮಾಸಿಕ ಬಾಡಿಗೆ ಆಧಾರದ ಮೇಲೆ ವಾಹನವನ್ನು ನಿಯೋಜಿಸಲು ದರಪಟ್ಟಿಯನ್ನು ಅಹ್ವಾನಿಸುವ ಬಗ್ಗೆ. ಉಲ್ಲೇಖ: ಸರ್ಕಾರದ ಆದೇಶ ಸಂಖ್ಯೆ ಆ.ಇ/30/ವೆಚ್ಚ-13/2019, ಬೆಂಗಳೂರು ದಿ:31.03.2022. ಮೇಲ್ಕಂಡ ವಿಷಯಕ್ಕೆ ಸಂಬಂಧಿಸಿದಂತೆ, ಜಿಲ್ಲಾ ಕೈಗಾರಿಕಾ ಕೇಂದ್ರ, ಬೆಂಗಳೂರು ಗ್ರಾಮಾಂತರ ಜಿಲ್ಲೆ ರವರ ಕಛೇರಿಯ ಉಪಯೋಗಕ್ಕಾಗಿ ಮಾಸಿಕ ಬಾಡಿಗೆ ಆಧಾರದ ಮೇಲೆ ವಾಹನವನ್ನು ಬಾಡಿಗೆಗೆ ಪಡೆಯಲು ಅರ್ಹ ವಾಹನ ಮಾಲೀಕರು / ಟ್ರಾವೆಲ್ ಏಜೆನ್ಸಿಗಳಿಂದ ಮುಚ್ಚಿದ ಲಕೋಟೆಯಲ್ಲಿ ದರಪಟ್ಟಿಯನ್ನು ಆಹ್ವಾನಿಸಲಾಗಿದೆ. ಆಸಕ್ತ ಸಲ್ಲಿಸಲು ಅರ್ಹ ಟ್ರಾವೆಲ್ ಏಜೆನ್ಸಿಯು ಠೇವಣಿ ಮೊತ್ತ ರೂ.500/– ಗಳನ್ನು ಡಿಡಿ ಮೂಲಕ ಸಲ್ಲಿಸತಕ್ಕದ್ದು. ದರಪಟ್ಟಿ ಸಲ್ಲಿಸಲು ಕೊನೆಯ ದಿನಾಂಕ: 18.06.2025 ಸಂಜೆ 5:30 ಗಂಟೆಯ ಒಳಗೆ ಸಲ್ಲಿಸತಕ್ಕದ್ದು.
ಸಹಿ/–
ಜಂಟಿ ನಿರ್ದೇಶಕರು
ಜಿಲ್ಲಾ ಕೈಗಾರಿಕಾ ಕೇಂದ್ರ
ಬೆಂಗಳೂರು ಗ್ರಾಮಾಂತರ ಜಿಲ್ಲೆ
ವಾರ್ತಾಇಲಾಖೆ/ಡಾ.ಪ್ರ/1067/ಜಿಮಾ/2025–26
